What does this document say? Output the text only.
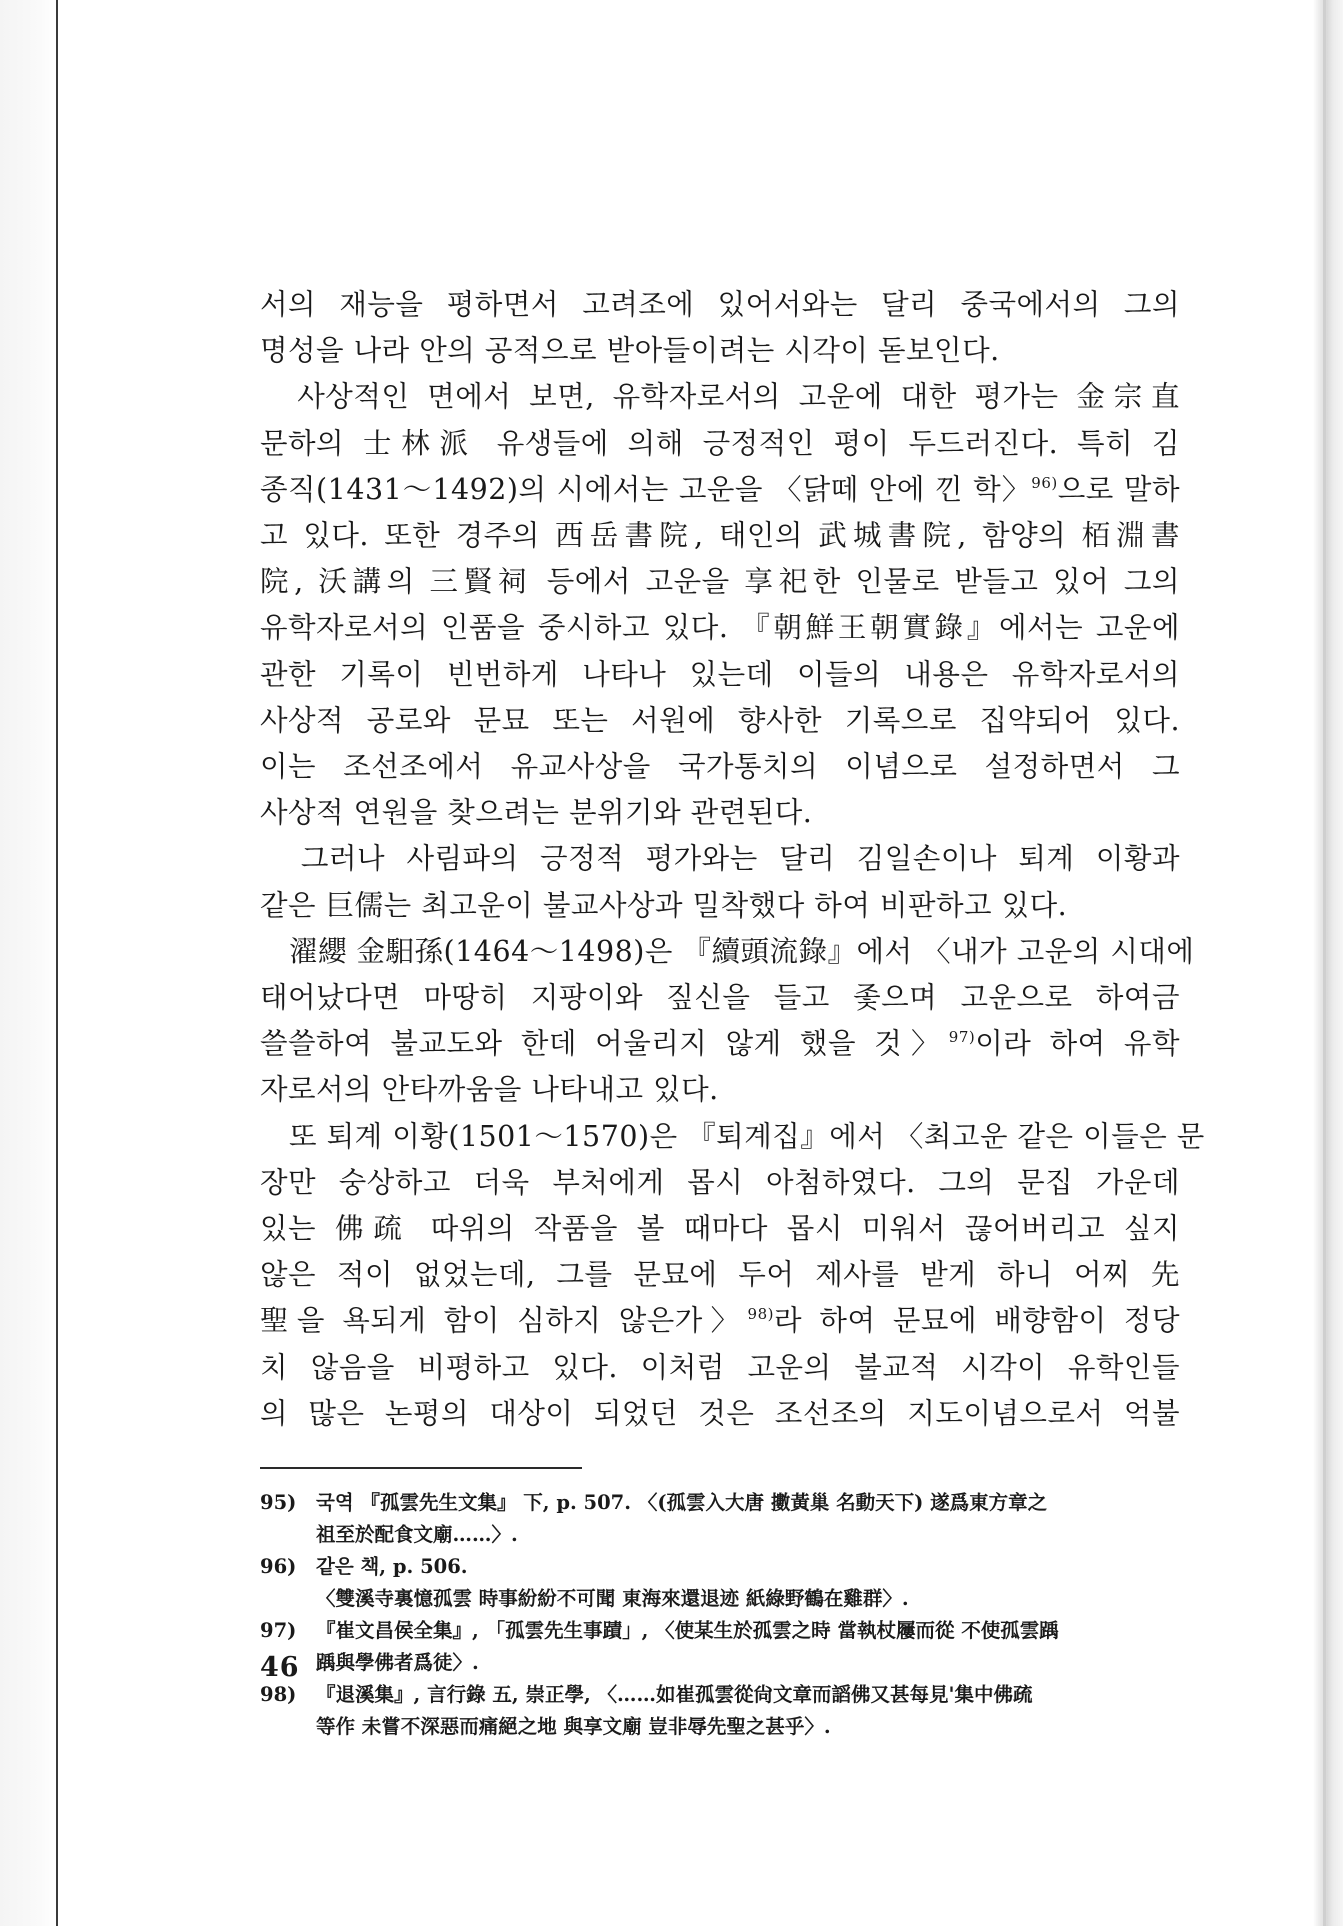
서의 재능을 평하면서 고려조에 있어서와는 달리 중국에서의 그의
명성을 나라 안의 공적으로 받아들이려는 시각이 돋보인다.
　사상적인 면에서 보면, 유학자로서의 고운에 대한 평가는 金宗直
문하의 士林派 유생들에 의해 긍정적인 평이 두드러진다. 특히 김
종직(1431～1492)의 시에서는 고운을 〈닭떼 안에 낀 학〉$^{96)}$으로 말하
고 있다. 또한 경주의 西岳書院, 태인의 武城書院, 함양의 栢淵書
院, 沃講의 三賢祠 등에서 고운을 享祀한 인물로 받들고 있어 그의
유학자로서의 인품을 중시하고 있다. 『朝鮮王朝實錄』에서는 고운에
관한 기록이 빈번하게 나타나 있는데 이들의 내용은 유학자로서의
사상적 공로와 문묘 또는 서원에 향사한 기록으로 집약되어 있다.
이는 조선조에서 유교사상을 국가통치의 이념으로 설정하면서 그
사상적 연원을 찾으려는 분위기와 관련된다.
　그러나 사림파의 긍정적 평가와는 달리 김일손이나 퇴계 이황과
같은 巨儒는 최고운이 불교사상과 밀착했다 하여 비판하고 있다.
　濯纓 金馹孫(1464～1498)은 『續頭流錄』에서 〈내가 고운의 시대에
태어났다면 마땅히 지팡이와 짚신을 들고 좇으며 고운으로 하여금
쓸쓸하여 불교도와 한데 어울리지 않게 했을 것〉$^{97)}$이라 하여 유학
자로서의 안타까움을 나타내고 있다.
　또 퇴계 이황(1501～1570)은 『퇴계집』에서 〈최고운 같은 이들은 문
장만 숭상하고 더욱 부처에게 몹시 아첨하였다. 그의 문집 가운데
있는 佛疏 따위의 작품을 볼 때마다 몹시 미워서 끊어버리고 싶지
않은 적이 없었는데, 그를 문묘에 두어 제사를 받게 하니 어찌 先
聖을 욕되게 함이 심하지 않은가〉$^{98)}$라 하여 문묘에 배향함이 정당
치 않음을 비평하고 있다. 이처럼 고운의 불교적 시각이 유학인들
의 많은 논평의 대상이 되었던 것은 조선조의 지도이념으로서 억불
95)	국역 『孤雲先生文集』 下, p. 507. 〈(孤雲入大唐 擻黃巢 名動天下) 遂爲東方章之
祖至於配食文廟……〉.
96)	같은 책, p. 506.
〈雙溪寺裏憶孤雲 時事紛紛不可聞 東海來還退迹 紙綠野鶴在雞群〉.
97)	『崔文昌侯全集』, 「孤雲先生事蹟」, 〈使某生於孤雲之時 當執杖屨而從 不使孤雲踽
踽與學佛者爲徒〉.
98)	『退溪集』, 言行錄 五, 崇正學, 〈……如崔孤雲從尙文章而謟佛又甚每見'集中佛疏
等作 未嘗不深惡而痛絕之地 與享文廟 豈非辱先聖之甚乎〉.
46
